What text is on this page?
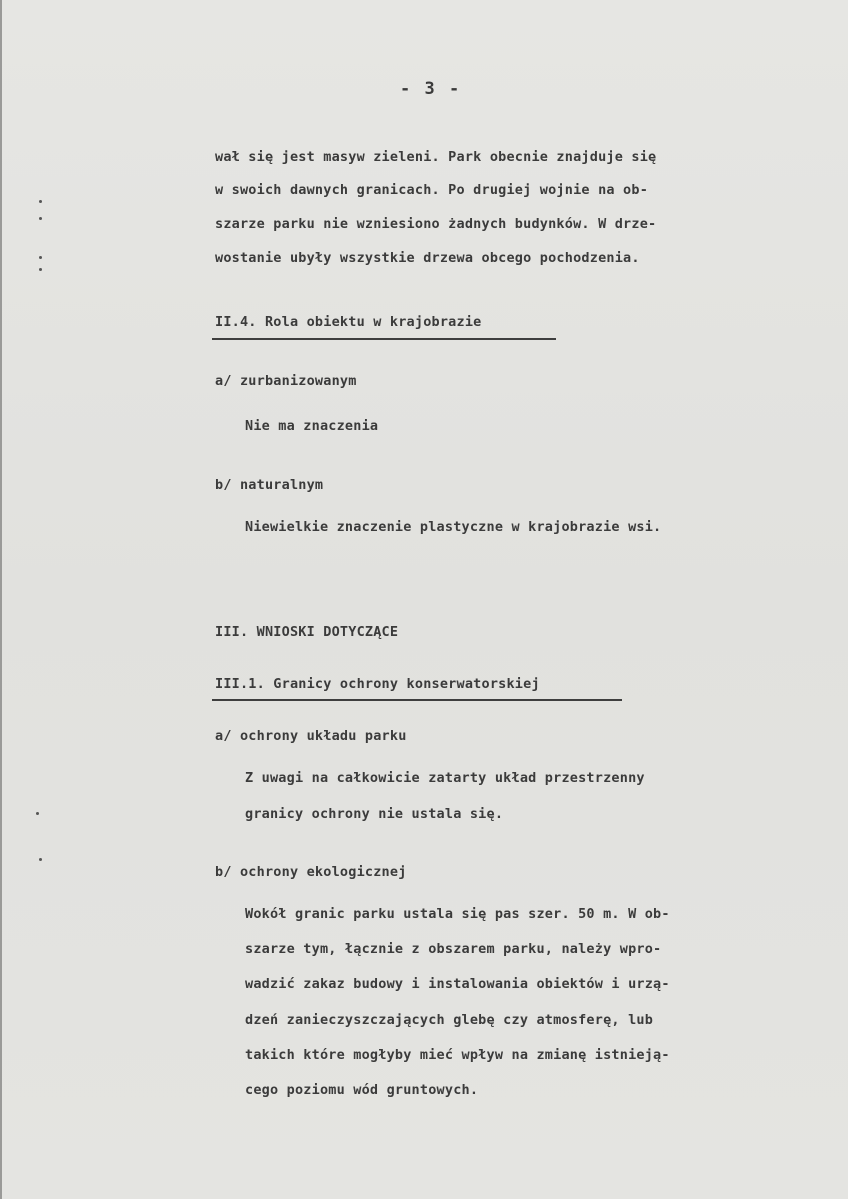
- 3 -
wał się jest masyw zieleni. Park obecnie znajduje się
w swoich dawnych granicach. Po drugiej wojnie na ob-
szarze parku nie wzniesiono żadnych budynków. W drze-
wostanie ubyły wszystkie drzewa obcego pochodzenia.
II.4. Rola obiektu w krajobrazie
a/ zurbanizowanym
Nie ma znaczenia
b/ naturalnym
Niewielkie znaczenie plastyczne w krajobrazie wsi.
III. WNIOSKI DOTYCZĄCE
III.1. Granicy ochrony konserwatorskiej
a/ ochrony układu parku
Z uwagi na całkowicie zatarty układ przestrzenny
granicy ochrony nie ustala się.
b/ ochrony ekologicznej
Wokół granic parku ustala się pas szer. 50 m. W ob-
szarze tym, łącznie z obszarem parku, należy wpro-
wadzić zakaz budowy i instalowania obiektów i urzą-
dzeń zanieczyszczających glebę czy atmosferę, lub
takich które mogłyby mieć wpływ na zmianę istnieją-
cego poziomu wód gruntowych.
